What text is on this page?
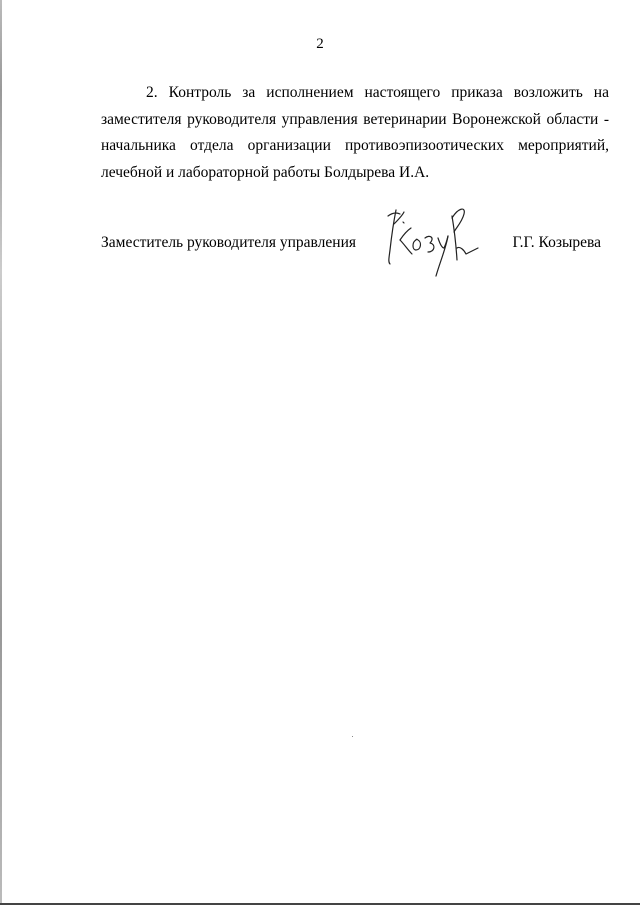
2

2. Контроль за исполнением настоящего приказа возложить на
заместителя руководителя управления ветеринарии Воронежской области -
начальника отдела организации противоэпизоотических мероприятий,
лечебной и лабораторной работы Болдырева И.А.

Заместитель руководителя управления	Г.Г. Козырева
